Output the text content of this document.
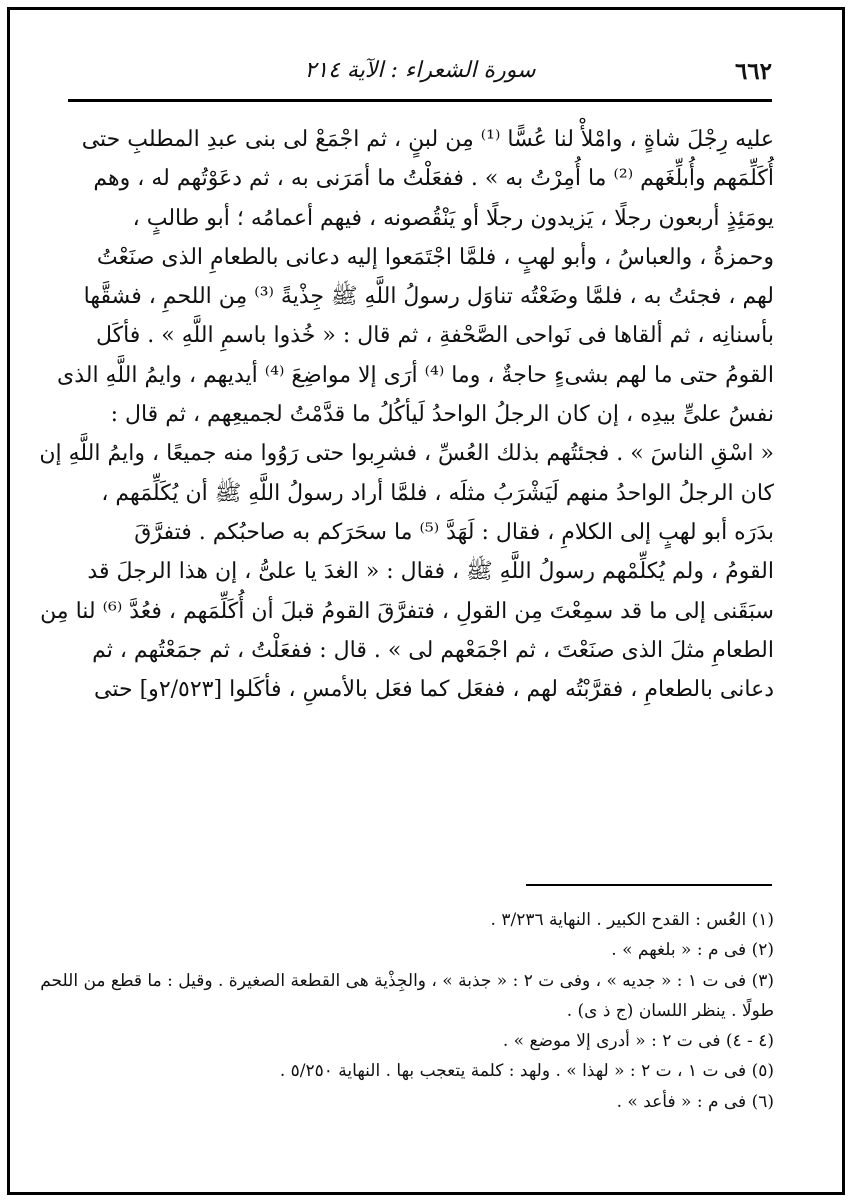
٦٦٢
سورة الشعراء : الآية ٢١٤
عليه رِجْلَ شاةٍ ، وامْلأْ لنا عُسًّا ⁽¹⁾ مِن لبنٍ ، ثم اجْمَعْ لى بنى عبدِ المطلبِ حتى
أُكَلِّمَهم وأُبلِّغَهم ⁽²⁾ ما أُمِرْتُ به » . ففعَلْتُ ما أمَرَنى به ، ثم دعَوْتُهم له ، وهم
يومَئِذٍ أربعون رجلًا ، يَزيدون رجلًا أو يَنْقُصونه ، فيهم أعمامُه ؛ أبو طالبٍ ،
وحمزةُ ، والعباسُ ، وأبو لهبٍ ، فلمَّا اجْتَمَعوا إليه دعانى بالطعامِ الذى صنَعْتُ
لهم ، فجئتُ به ، فلمَّا وضَعْتُه تناوَل رسولُ اللَّهِ ﷺ جِذْيةً ⁽³⁾ مِن اللحمِ ، فشقَّها
بأسنانِه ، ثم ألقاها فى نَواحى الصَّحْفةِ ، ثم قال : « خُذوا باسمِ اللَّهِ » . فأكَل
القومُ حتى ما لهم بشىءٍ حاجةٌ ، وما ⁽⁴⁾ أرَى إلا مواضِعَ ⁽⁴⁾ أيديهم ، وايمُ اللَّهِ الذى
نفسُ علىٍّ بيدِه ، إن كان الرجلُ الواحدُ لَيأكُلُ ما قدَّمْتُ لجميعِهم ، ثم قال :
« اسْقِ الناسَ » . فجئتُهم بذلك العُسِّ ، فشرِبوا حتى رَوُوا منه جميعًا ، وايمُ اللَّهِ إن
كان الرجلُ الواحدُ منهم لَيَشْرَبُ مثلَه ، فلمَّا أراد رسولُ اللَّهِ ﷺ أن يُكَلِّمَهم ،
بدَرَه أبو لهبٍ إلى الكلامِ ، فقال : لَهَدَّ ⁽⁵⁾ ما سحَرَكم به صاحبُكم . فتفرَّقَ
القومُ ، ولم يُكلِّمْهم رسولُ اللَّهِ ﷺ ، فقال : « الغدَ يا علىُّ ، إن هذا الرجلَ قد
سبَقَنى إلى ما قد سمِعْتَ مِن القولِ ، فتفرَّقَ القومُ قبلَ أن أُكَلِّمَهم ، فعُدَّ ⁽⁶⁾ لنا مِن
الطعامِ مثلَ الذى صنَعْتَ ، ثم اجْمَعْهم لى » . قال : ففعَلْتُ ، ثم جمَعْتُهم ، ثم
دعانى بالطعامِ ، فقرَّبْتُه لهم ، ففعَل كما فعَل بالأمسِ ، فأكَلوا [٢/٥٢٣و] حتى
(١) العُس : القدح الكبير . النهاية ٣/٢٣٦ .
(٢) فى م : « بلغهم » .
(٣) فى ت ١ : « جديه » ، وفى ت ٢ : « جذبة » ، والجِذْية هى القطعة الصغيرة . وقيل : ما قطع من اللحم
طولًا . ينظر اللسان (ج ذ ى) .
(٤ - ٤) فى ت ٢ : « أدرى إلا موضع » .
(٥) فى ت ١ ، ت ٢ : « لهذا » . ولهد : كلمة يتعجب بها . النهاية ٥/٢٥٠ .
(٦) فى م : « فأعد » .
